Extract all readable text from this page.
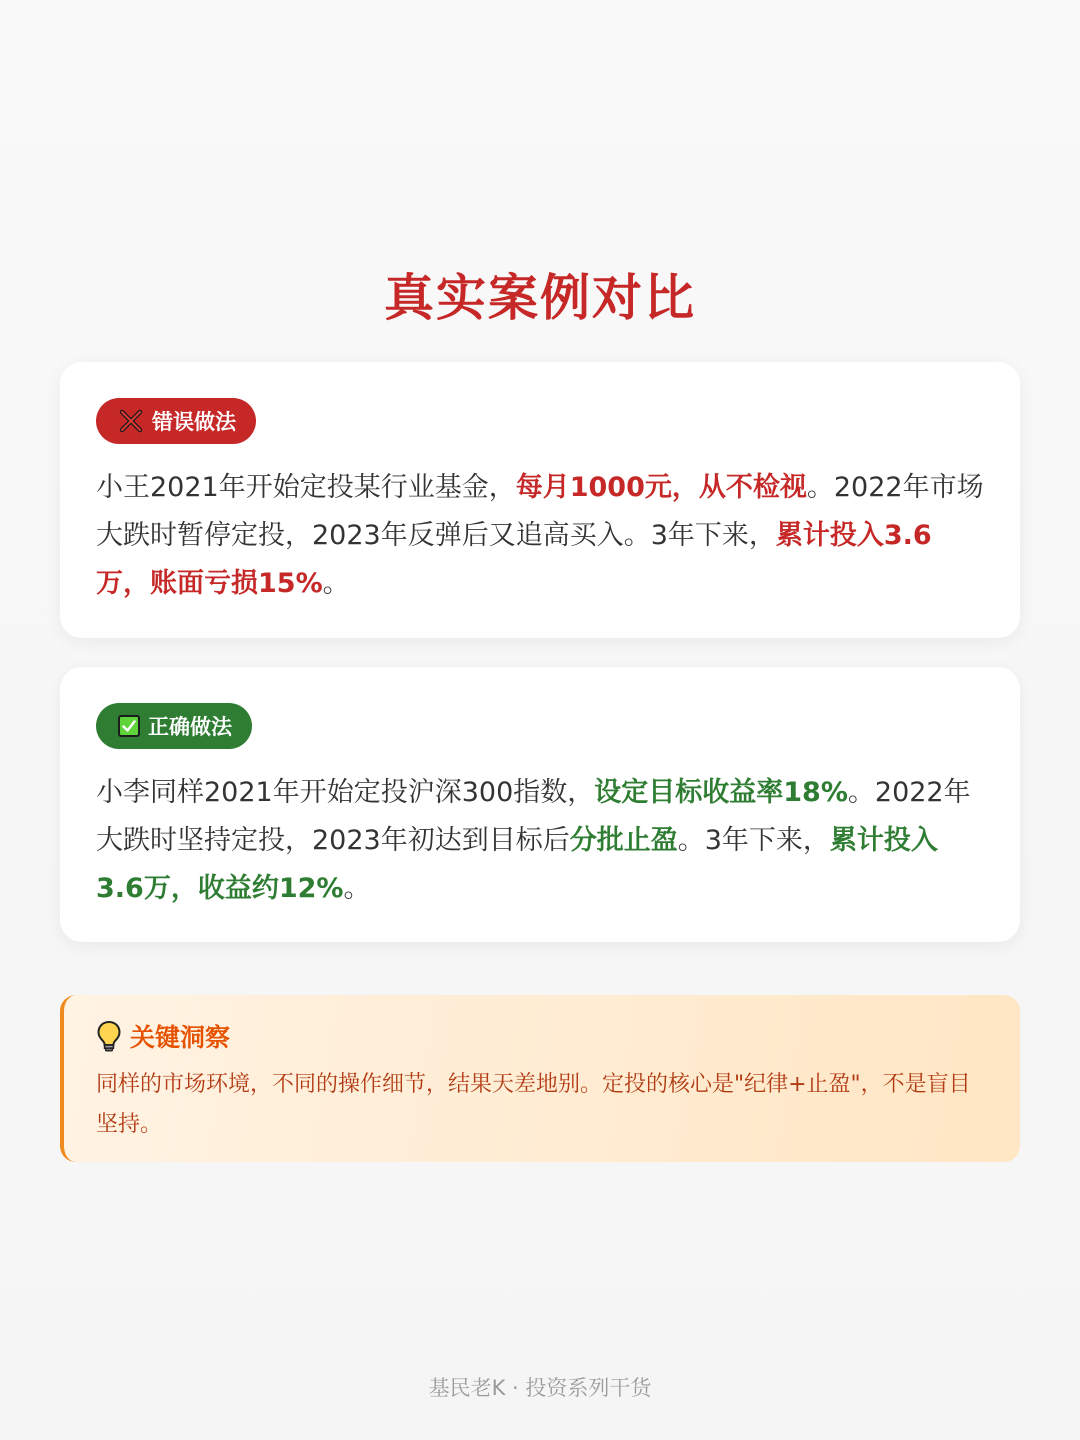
真实案例对比
错误做法
小王2021年开始定投某行业基金，每月1000元，从不检视。2022年市场大跌时暂停定投，2023年反弹后又追高买入。3年下来，累计投入3.6万，账面亏损15%。
正确做法
小李同样2021年开始定投沪深300指数，设定目标收益率18%。2022年大跌时坚持定投，2023年初达到目标后分批止盈。3年下来，累计投入3.6万，收益约12%。
关键洞察
同样的市场环境，不同的操作细节，结果天差地别。定投的核心是"纪律+止盈"，不是盲目坚持。
基民老K · 投资系列干货
